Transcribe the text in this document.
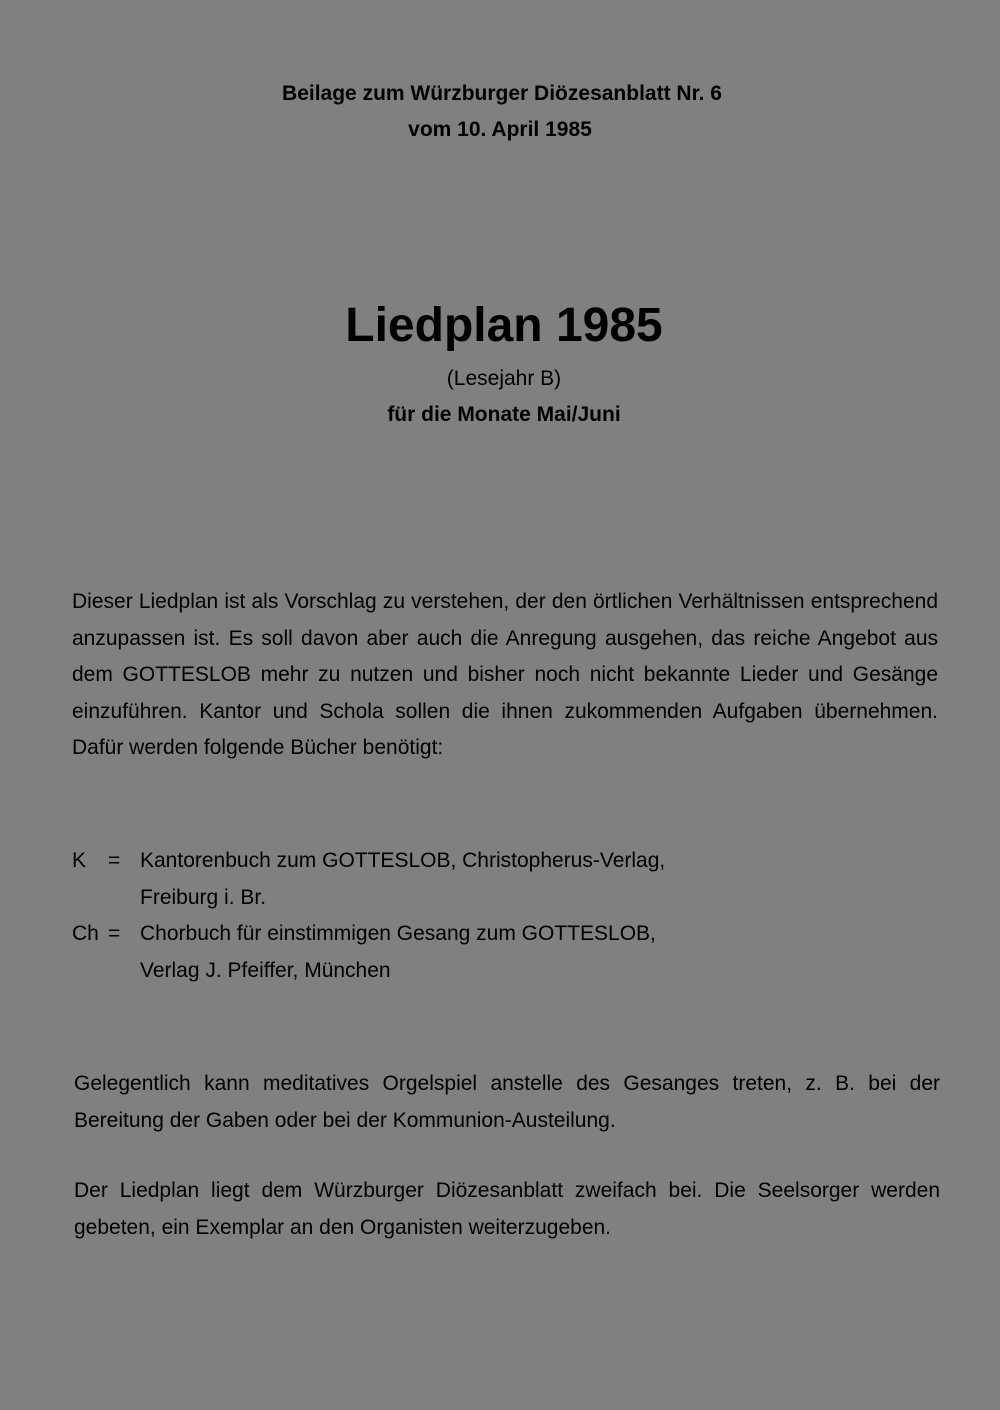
Beilage zum Würzburger Diözesanblatt Nr. 6
vom 10. April 1985
Liedplan 1985
(Lesejahr B)
für die Monate Mai/Juni

Dieser Liedplan ist als Vorschlag zu verstehen, der den örtlichen Verhältnissen entsprechend anzupassen ist. Es soll davon aber auch die Anregung ausgehen, das reiche Angebot aus dem GOTTESLOB mehr zu nutzen und bisher noch nicht bekannte Lieder und Gesänge einzuführen. Kantor und Schola sollen die ihnen zukommenden Aufgaben übernehmen. Dafür werden folgende Bücher benötigt:

K	= Kantorenbuch zum GOTTESLOB, Christopherus-Verlag,
Freiburg i. Br.
Ch = Chorbuch für einstimmigen Gesang zum GOTTESLOB,
Verlag J. Pfeiffer, München

Gelegentlich kann meditatives Orgelspiel anstelle des Gesanges treten, z. B. bei der Bereitung der Gaben oder bei der Kommunion-Austeilung.

Der Liedplan liegt dem Würzburger Diözesanblatt zweifach bei. Die Seelsorger werden gebeten, ein Exemplar an den Organisten weiterzugeben.
